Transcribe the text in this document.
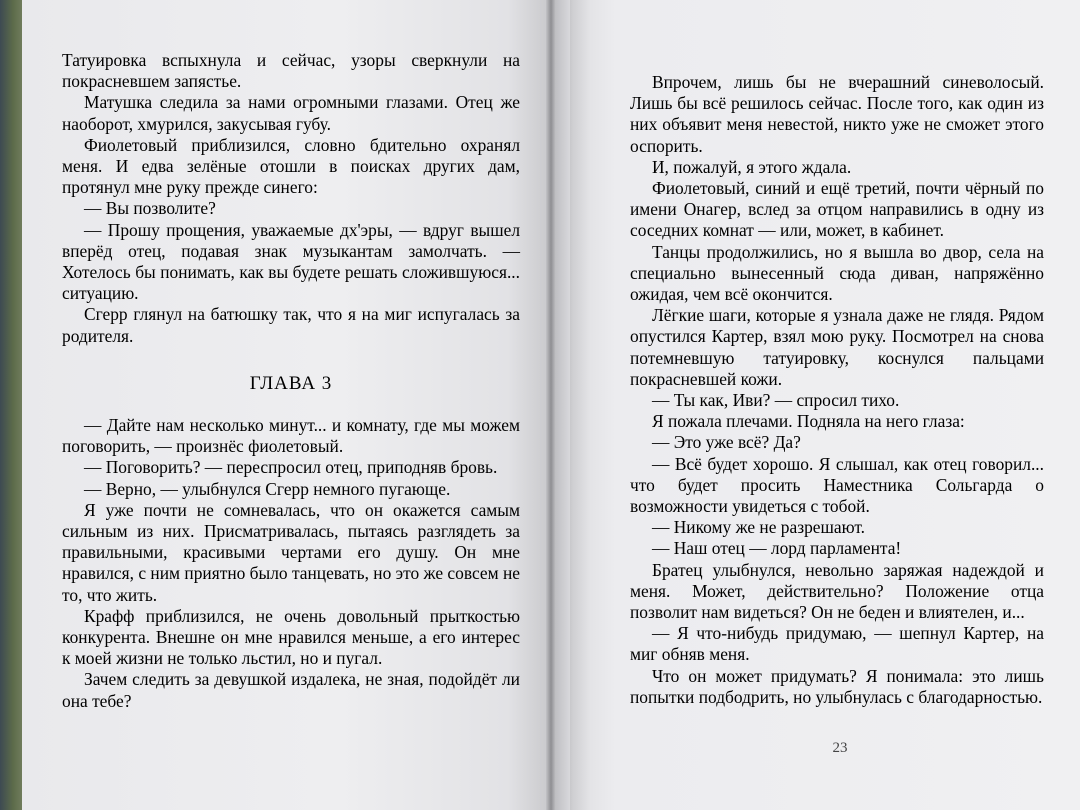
Татуировка вспыхнула и сейчас, узоры сверкнули на покрасневшем запястье.

Матушка следила за нами огромными глазами. Отец же наоборот, хмурился, закусывая губу.

Фиолетовый приблизился, словно бдительно охранял меня. И едва зелёные отошли в поисках других дам, протянул мне руку прежде синего:

— Вы позволите?

— Прошу прощения, уважаемые дх'эры, — вдруг вышел вперёд отец, подавая знак музыкантам замолчать. — Хотелось бы понимать, как вы будете решать сложившуюся... ситуацию.

Сгерр глянул на батюшку так, что я на миг испугалась за родителя.

ГЛАВА 3

— Дайте нам несколько минут... и комнату, где мы можем поговорить, — произнёс фиолетовый.

— Поговорить? — переспросил отец, приподняв бровь.

— Верно, — улыбнулся Сгерр немного пугающе.

Я уже почти не сомневалась, что он окажется самым сильным из них. Присматривалась, пытаясь разглядеть за правильными, красивыми чертами его душу. Он мне нравился, с ним приятно было танцевать, но это же совсем не то, что жить.

Крафф приблизился, не очень довольный прыткостью конкурента. Внешне он мне нравился меньше, а его интерес к моей жизни не только льстил, но и пугал.

Зачем следить за девушкой издалека, не зная, подойдёт ли она тебе?

Впрочем, лишь бы не вчерашний синеволосый. Лишь бы всё решилось сейчас. После того, как один из них объявит меня невестой, никто уже не сможет этого оспорить.

И, пожалуй, я этого ждала.

Фиолетовый, синий и ещё третий, почти чёрный по имени Онагер, вслед за отцом направились в одну из соседних комнат — или, может, в кабинет.

Танцы продолжились, но я вышла во двор, села на специально вынесенный сюда диван, напряжённо ожидая, чем всё окончится.

Лёгкие шаги, которые я узнала даже не глядя. Рядом опустился Картер, взял мою руку. Посмотрел на снова потемневшую татуировку, коснулся пальцами покрасневшей кожи.

— Ты как, Иви? — спросил тихо.

Я пожала плечами. Подняла на него глаза:

— Это уже всё? Да?

— Всё будет хорошо. Я слышал, как отец говорил... что будет просить Наместника Сольгарда о возможности увидеться с тобой.

— Никому же не разрешают.

— Наш отец — лорд парламента!

Братец улыбнулся, невольно заряжая надеждой и меня. Может, действительно? Положение отца позволит нам видеться? Он не беден и влиятелен, и...

— Я что-нибудь придумаю, — шепнул Картер, на миг обняв меня.

Что он может придумать? Я понимала: это лишь попытки подбодрить, но улыбнулась с благодарностью.

23
